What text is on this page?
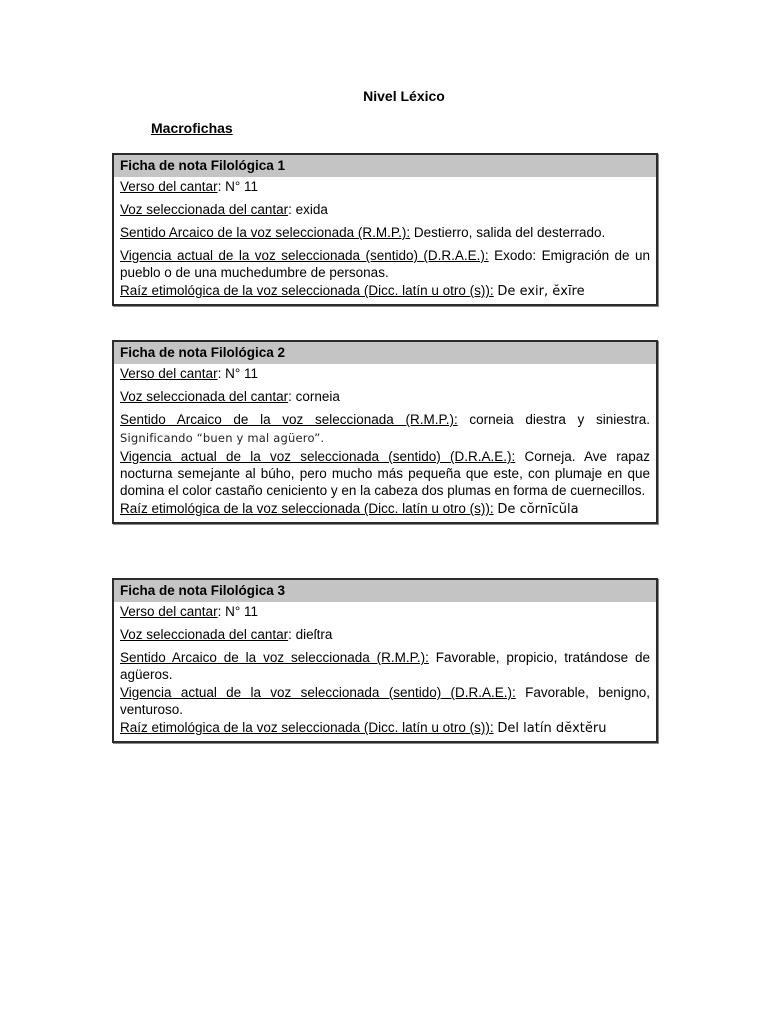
Nivel Léxico
Macrofichas
Ficha de nota Filológica 1
Verso del cantar: N° 11
Voz seleccionada del cantar: exida
Sentido Arcaico de la voz seleccionada (R.M.P.): Destierro, salida del desterrado.
Vigencia actual de la voz seleccionada (sentido) (D.R.A.E.): Exodo: Emigración de un pueblo o de una muchedumbre de personas.
Raíz etimológica de la voz seleccionada (Dicc. latín u otro (s)): De exir, ĕxīre
Ficha de nota Filológica 2
Verso del cantar: N° 11
Voz seleccionada del cantar: corneia
Sentido Arcaico de la voz seleccionada (R.M.P.): corneia diestra y siniestra.
Significando “buen y mal agüero”.
Vigencia actual de la voz seleccionada (sentido) (D.R.A.E.): Corneja. Ave rapaz nocturna semejante al búho, pero mucho más pequeña que este, con plumaje en que domina el color castaño ceniciento y en la cabeza dos plumas en forma de cuernecillos.
Raíz etimológica de la voz seleccionada (Dicc. latín u otro (s)): De cŏrnīcŭla
Ficha de nota Filológica 3
Verso del cantar: N° 11
Voz seleccionada del cantar: dieſtra
Sentido Arcaico de la voz seleccionada (R.M.P.): Favorable, propicio, tratándose de agüeros.
Vigencia actual de la voz seleccionada (sentido) (D.R.A.E.): Favorable, benigno, venturoso.
Raíz etimológica de la voz seleccionada (Dicc. latín u otro (s)): Del latín dĕxtĕru
